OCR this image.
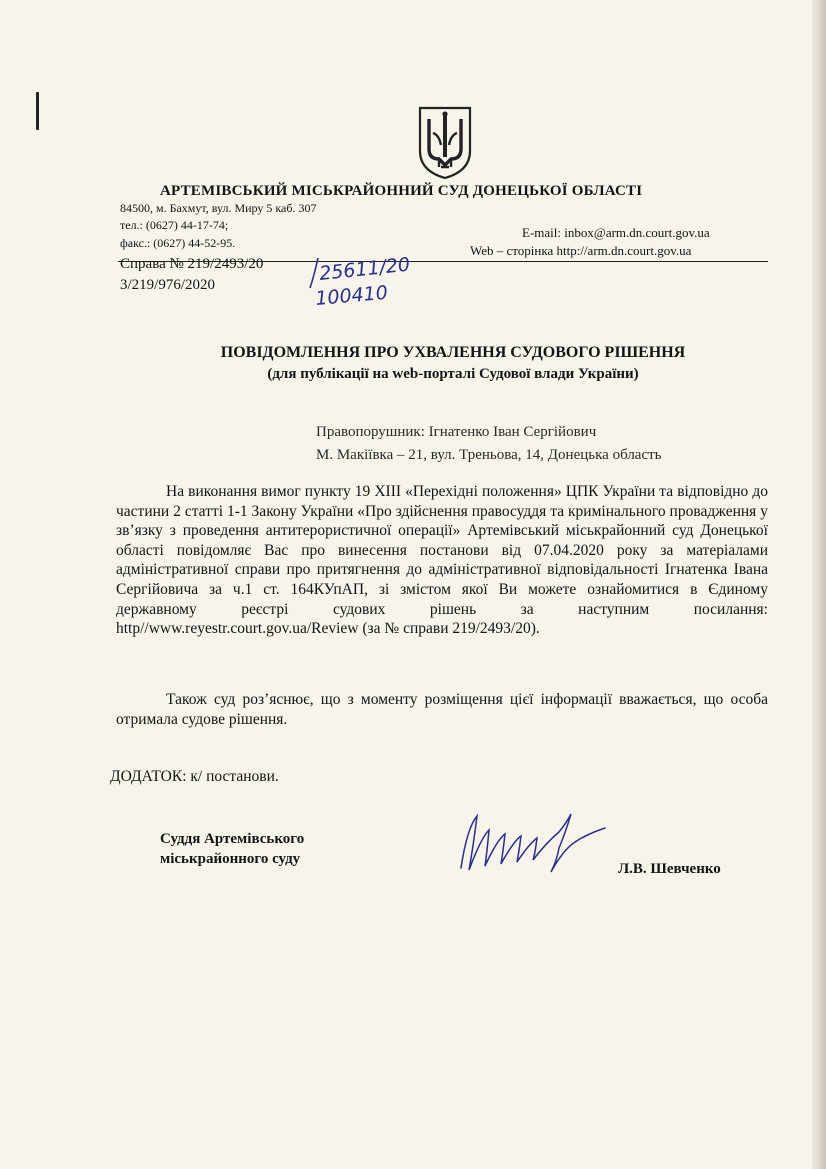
АРТЕМІВСЬКИЙ МІСЬКРАЙОННИЙ СУД ДОНЕЦЬКОЇ ОБЛАСТІ
84500, м. Бахмут, вул. Миру 5 каб. 307
тел.: (0627) 44-17-74;
факс.: (0627) 44-52-95.
E-mail: inbox@arm.dn.court.gov.ua
Web – сторінка http://arm.dn.court.gov.ua
Справа № 219/2493/20
3/219/976/2020
25611/20
100410
ПОВІДОМЛЕННЯ ПРО УХВАЛЕННЯ СУДОВОГО РІШЕННЯ
(для публікації на web-порталі Судової влади України)
Правопорушник: Ігнатенко Іван Сергійович
М. Макіївка – 21, вул. Треньова, 14, Донецька область

На виконання вимог пункту 19 ХІІІ «Перехідні положення» ЦПК України та відповідно до частини 2 статті 1-1 Закону України «Про здійснення правосуддя та кримінального провадження у зв’язку з проведення антитерористичної операції» Артемівський міськрайонний суд Донецької області повідомляє Вас про винесення постанови від 07.04.2020 року за матеріалами адміністративної справи про притягнення до адміністративної відповідальності Ігнатенка Івана Сергійовича за ч.1 ст. 164КУпАП, зі змістом якої Ви можете ознайомитися в Єдиному державному реєстрі судових рішень за наступним посилання: http//www.reyestr.court.gov.ua/Review (за № справи 219/2493/20).

Також суд роз’яснює, що з моменту розміщення цієї інформації вважається, що особа отримала судове рішення.
ДОДАТОК: к/ постанови.
Суддя Артемівського
міськрайонного суду
Л.В. Шевченко
